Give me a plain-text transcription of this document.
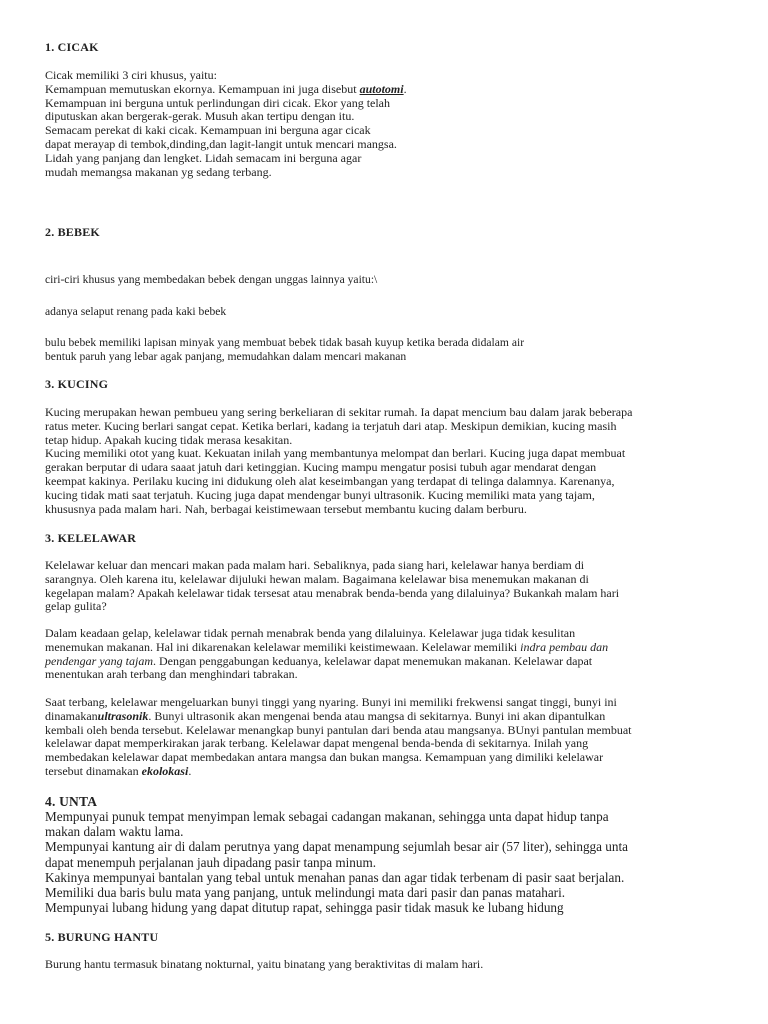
1. CICAK
Cicak memiliki 3 ciri khusus, yaitu:
Kemampuan memutuskan ekornya. Kemampuan ini juga disebut autotomi.
Kemampuan ini berguna untuk perlindungan diri cicak. Ekor yang telah
diputuskan akan bergerak-gerak. Musuh akan tertipu dengan itu.
Semacam perekat di kaki cicak. Kemampuan ini berguna agar cicak
dapat merayap di tembok,dinding,dan lagit-langit untuk mencari mangsa.
Lidah yang panjang dan lengket. Lidah semacam ini berguna agar
mudah memangsa makanan yg sedang terbang.
2. BEBEK
ciri-ciri khusus yang membedakan bebek dengan unggas lainnya yaitu:\
adanya selaput renang pada kaki bebek
bulu bebek memiliki lapisan minyak yang membuat bebek tidak basah kuyup ketika berada didalam air
bentuk paruh yang lebar agak panjang, memudahkan dalam mencari makanan
3. KUCING
Kucing merupakan hewan pembueu yang sering berkeliaran di sekitar rumah. Ia dapat mencium bau dalam jarak beberapa
ratus meter. Kucing berlari sangat cepat. Ketika berlari, kadang ia terjatuh dari atap. Meskipun demikian, kucing masih
tetap hidup. Apakah kucing tidak merasa kesakitan.
Kucing memiliki otot yang kuat. Kekuatan inilah yang membantunya melompat dan berlari. Kucing juga dapat membuat
gerakan berputar di udara saaat jatuh dari ketinggian. Kucing mampu mengatur posisi tubuh agar mendarat dengan
keempat kakinya. Perilaku kucing ini didukung oleh alat keseimbangan yang terdapat di telinga dalamnya. Karenanya,
kucing tidak mati saat terjatuh. Kucing juga dapat mendengar bunyi ultrasonik. Kucing memiliki mata yang tajam,
khususnya pada malam hari. Nah, berbagai keistimewaan tersebut membantu kucing dalam berburu.
3. KELELAWAR
Kelelawar keluar dan mencari makan pada malam hari. Sebaliknya, pada siang hari, kelelawar hanya berdiam di
sarangnya. Oleh karena itu, kelelawar dijuluki hewan malam. Bagaimana kelelawar bisa menemukan makanan di
kegelapan malam? Apakah kelelawar tidak tersesat atau menabrak benda-benda yang dilaluinya? Bukankah malam hari
gelap gulita?
Dalam keadaan gelap, kelelawar tidak pernah menabrak benda yang dilaluinya. Kelelawar juga tidak kesulitan
menemukan makanan. Hal ini dikarenakan kelelawar memiliki keistimewaan. Kelelawar memiliki indra pembau dan
pendengar yang tajam. Dengan penggabungan keduanya, kelelawar dapat menemukan makanan. Kelelawar dapat
menentukan arah terbang dan menghindari tabrakan.
Saat terbang, kelelawar mengeluarkan bunyi tinggi yang nyaring. Bunyi ini memiliki frekwensi sangat tinggi, bunyi ini
dinamakanultrasonik. Bunyi ultrasonik akan mengenai benda atau mangsa di sekitarnya. Bunyi ini akan dipantulkan
kembali oleh benda tersebut. Kelelawar menangkap bunyi pantulan dari benda atau mangsanya. BUnyi pantulan membuat
kelelawar dapat memperkirakan jarak terbang. Kelelawar dapat mengenal benda-benda di sekitarnya. Inilah yang
membedakan kelelawar dapat membedakan antara mangsa dan bukan mangsa. Kemampuan yang dimiliki kelelawar
tersebut dinamakan ekolokasi.
4. UNTA
Mempunyai punuk tempat menyimpan lemak sebagai cadangan makanan, sehingga unta dapat hidup tanpa
makan dalam waktu lama.
Mempunyai kantung air di dalam perutnya yang dapat menampung sejumlah besar air (57 liter), sehingga unta
dapat menempuh perjalanan jauh dipadang pasir tanpa minum.
Kakinya mempunyai bantalan yang tebal untuk menahan panas dan agar tidak terbenam di pasir saat berjalan.
Memiliki dua baris bulu mata yang panjang, untuk melindungi mata dari pasir dan panas matahari.
Mempunyai lubang hidung yang dapat ditutup rapat, sehingga pasir tidak masuk ke lubang hidung
5. BURUNG HANTU
Burung hantu termasuk binatang nokturnal, yaitu binatang yang beraktivitas di malam hari.
